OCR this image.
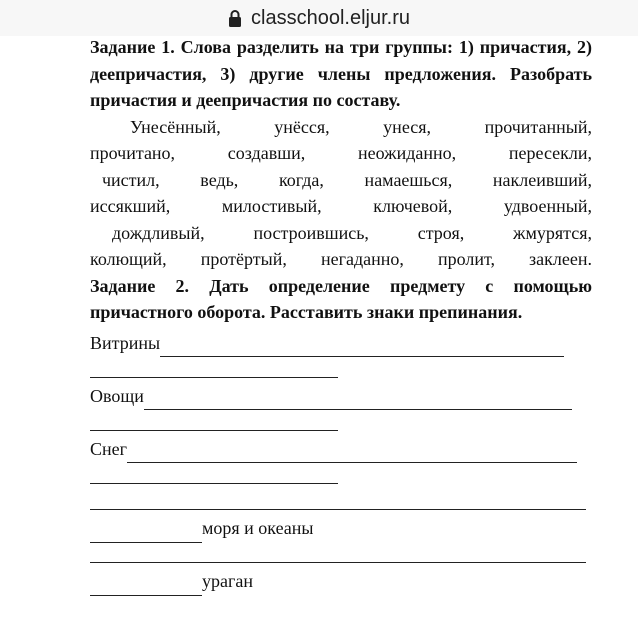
classchool.eljur.ru

Задание 1. Слова разделить на три группы: 1) причастия, 2) деепричастия, 3) другие члены предложения. Разобрать причастия и деепричастия по составу.

Унесённый, унёсся, унеся, прочитанный,

прочитано, создавши, неожиданно, пересекли,

чистил, ведь, когда, намаешься, наклеивший,

иссякший, милостивый, ключевой, удвоенный,

дождливый, построившись, строя, жмурятся,

колющий, протёртый, негаданно, пролит, заклеен.

Задание 2. Дать определение предмету с помощью причастного оборота. Расставить знаки препинания.

Витрины
Овощи
Снег
моря и океаны
ураган
